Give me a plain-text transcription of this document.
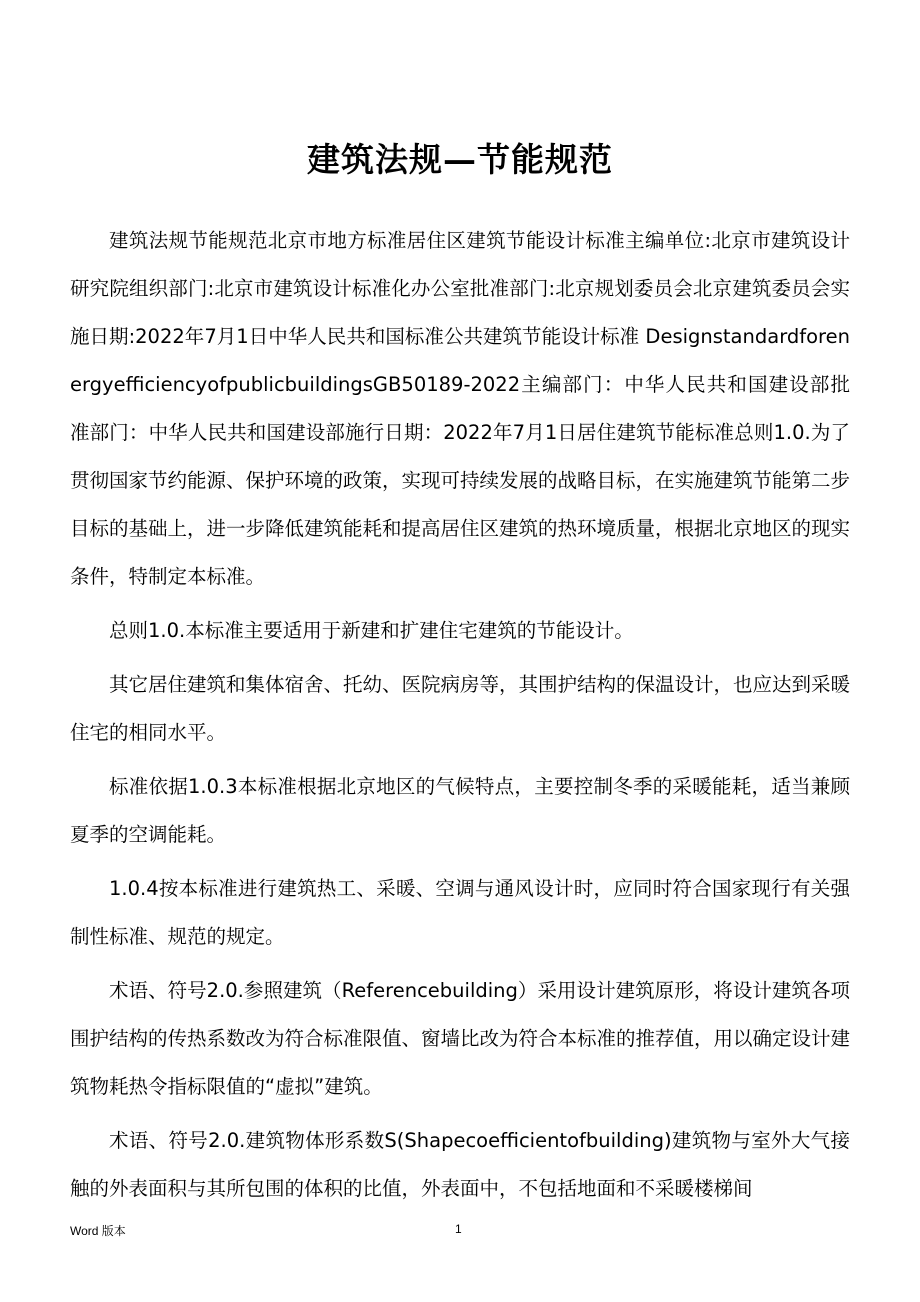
建筑法规—节能规范

建筑法规节能规范北京市地方标准居住区建筑节能设计标准主编单位:北京市建筑设计研究院组织部门:北京市建筑设计标准化办公室批准部门:北京规划委员会北京建筑委员会实施日期:2022年7月1日中华人民共和国标准公共建筑节能设计标准 DesignstandardforenergyefficiencyofpublicbuildingsGB50189-2022主编部门：中华人民共和国建设部批准部门：中华人民共和国建设部施行日期：2022年7月1日居住建筑节能标准总则1.0.为了贯彻国家节约能源、保护环境的政策，实现可持续发展的战略目标，在实施建筑节能第二步目标的基础上，进一步降低建筑能耗和提高居住区建筑的热环境质量，根据北京地区的现实条件，特制定本标准。

总则1.0.本标准主要适用于新建和扩建住宅建筑的节能设计。

其它居住建筑和集体宿舍、托幼、医院病房等，其围护结构的保温设计，也应达到采暖住宅的相同水平。

标准依据1.0.3本标准根据北京地区的气候特点，主要控制冬季的采暖能耗，适当兼顾夏季的空调能耗。

1.0.4按本标准进行建筑热工、采暖、空调与通风设计时，应同时符合国家现行有关强制性标准、规范的规定。

术语、符号2.0.参照建筑（Referencebuilding）采用设计建筑原形，将设计建筑各项围护结构的传热系数改为符合标准限值、窗墙比改为符合本标准的推荐值，用以确定设计建筑物耗热令指标限值的“虚拟”建筑。

术语、符号2.0.建筑物体形系数S(Shapecoefficientofbuilding)建筑物与室外大气接触的外表面积与其所包围的体积的比值，外表面中，不包括地面和不采暖楼梯间

Word 版本	1
